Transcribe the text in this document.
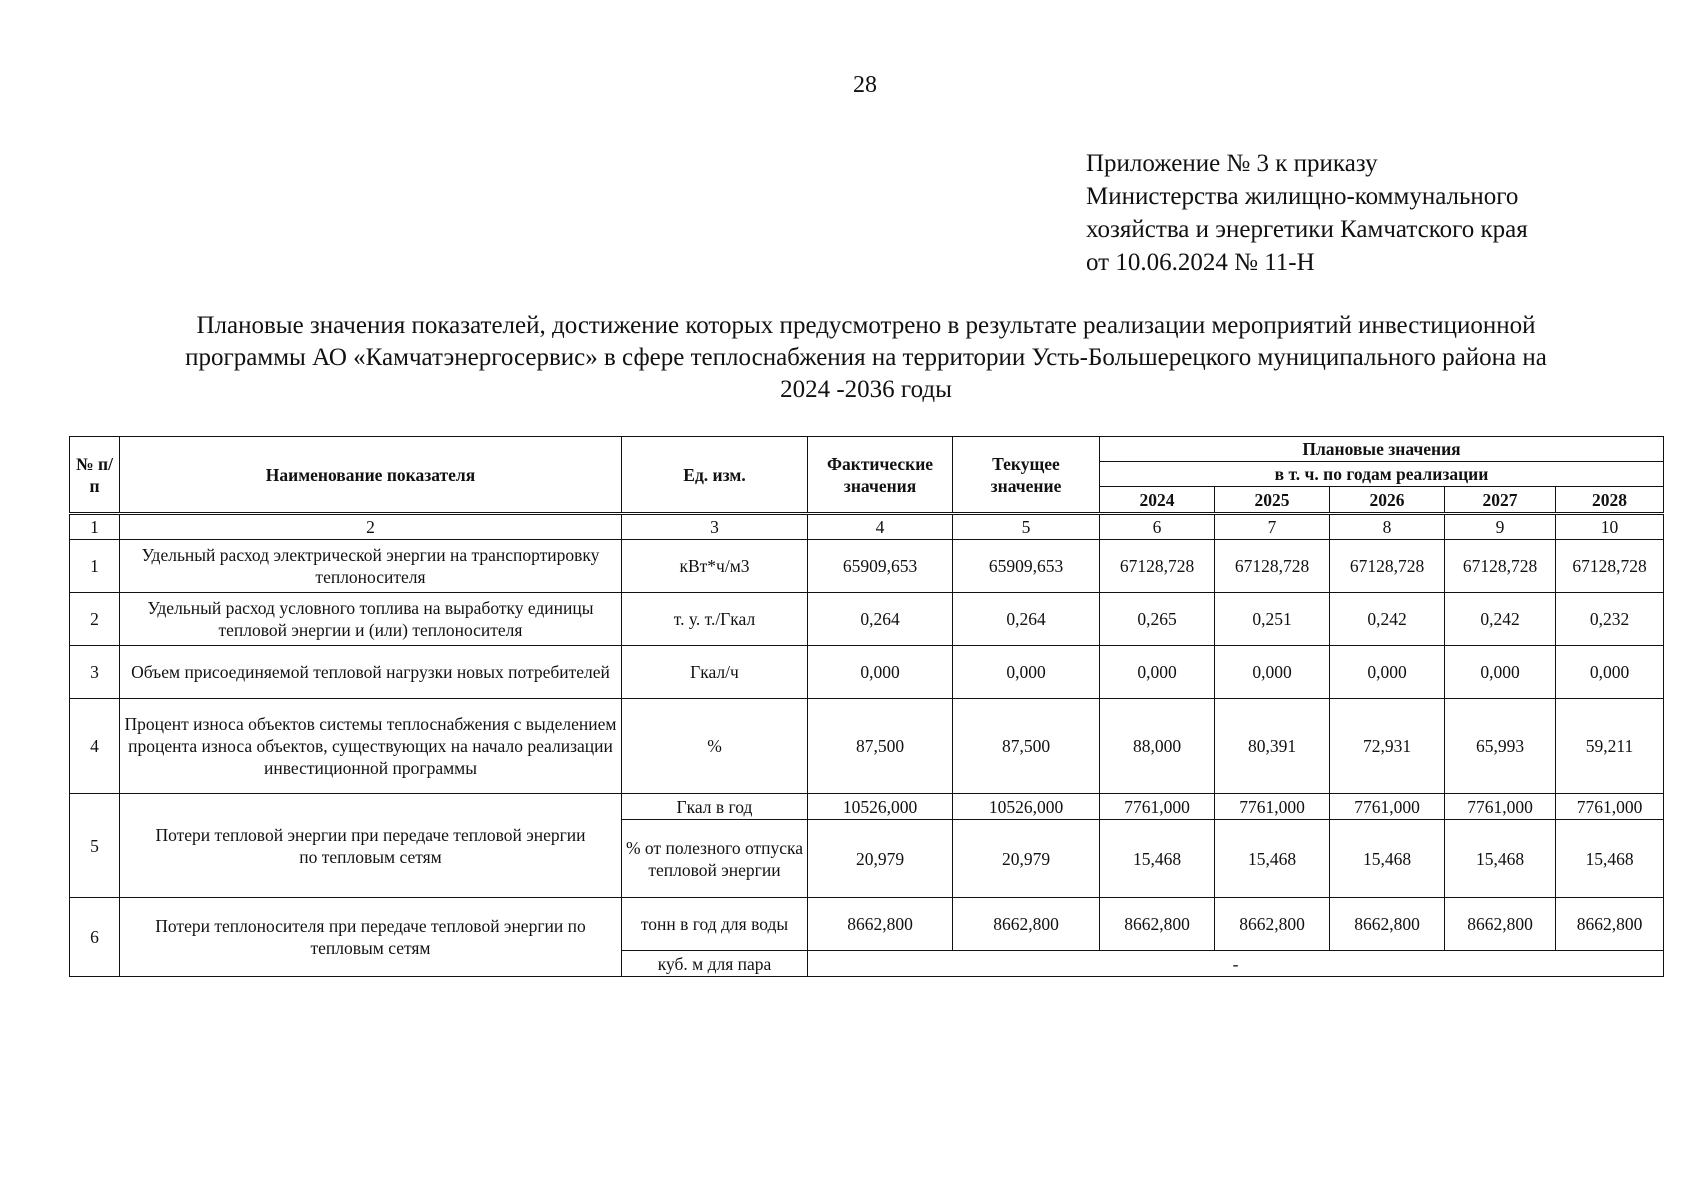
28
Приложение № 3 к приказу
Министерства жилищно-коммунального
хозяйства и энергетики Камчатского края
от 10.06.2024 № 11-Н
Плановые значения показателей, достижение которых предусмотрено в результате реализации мероприятий инвестиционной
программы АО «Камчатэнергосервис» в сфере теплоснабжения на территории Усть-Большерецкого муниципального района на
2024 -2036 годы
№ п/п	Наименование показателя	Ед. изм.	Фактические значения	Текущее значение	Плановые значения				
					в т. ч. по годам реализации				
					2024	2025	2026	2027	2028
1	2	3	4	5	6	7	8	9	10
1	Удельный расход электрической энергии на транспортировку теплоносителя	кВт*ч/м3	65909,653	65909,653	67128,728	67128,728	67128,728	67128,728	67128,728
2	Удельный расход условного топлива на выработку единицы тепловой энергии и (или) теплоносителя	т. у. т./Гкал	0,264	0,264	0,265	0,251	0,242	0,242	0,232
3	Объем присоединяемой тепловой нагрузки новых потребителей	Гкал/ч	0,000	0,000	0,000	0,000	0,000	0,000	0,000
4	Процент износа объектов системы теплоснабжения с выделением процента износа объектов, существующих на начало реализации инвестиционной программы	%	87,500	87,500	88,000	80,391	72,931	65,993	59,211
5	Потери тепловой энергии при передаче тепловой энергии
по тепловым сетям	Гкал в год	10526,000	10526,000	7761,000	7761,000	7761,000	7761,000	7761,000
		% от полезного отпуска тепловой энергии	20,979	20,979	15,468	15,468	15,468	15,468	15,468
6	Потери теплоносителя при передаче тепловой энергии по тепловым сетям	тонн в год для воды	8662,800	8662,800	8662,800	8662,800	8662,800	8662,800	8662,800
		куб. м для пара	-						
